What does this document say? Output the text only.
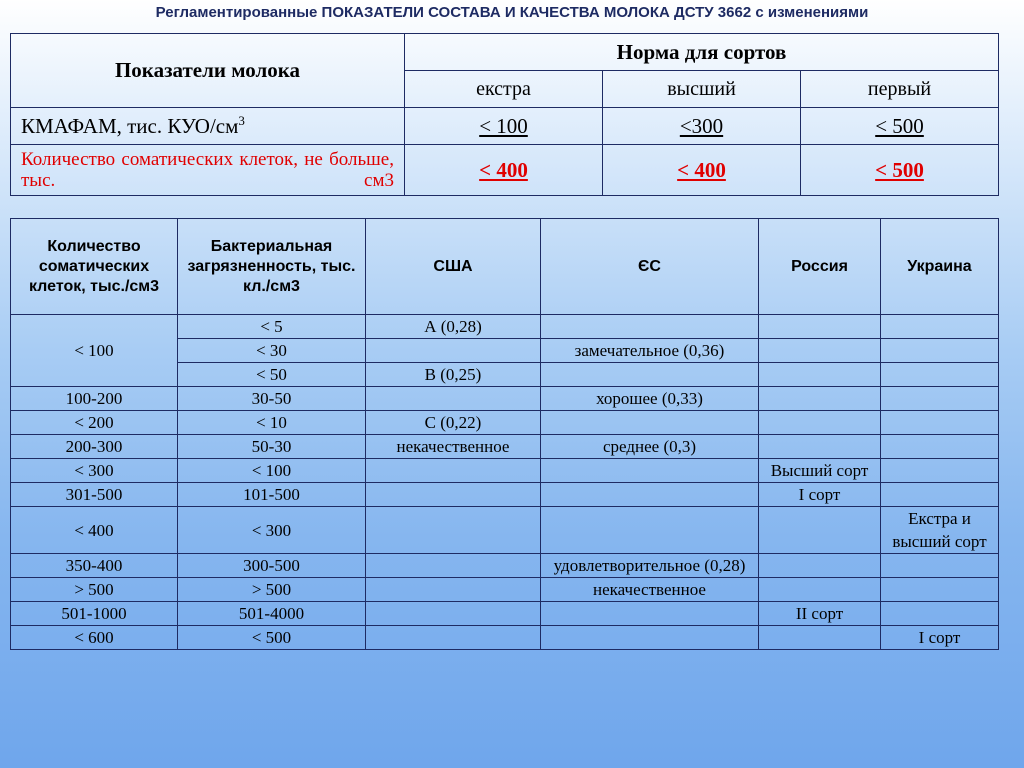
Регламентированные ПОКАЗАТЕЛИ СОСТАВА И КАЧЕСТВА МОЛОКА ДСТУ 3662 с изменениями
Показатели молока	Норма для сортов		
	екстра	высший	первый
КМАФАМ, тис. КУО/$см^3$	< 100	<300	< 500
Количество соматических клеток, не больше, тыс. см3	< 400	< 400	< 500
Количество соматических клеток, тыс./см3	Бактериальная загрязненность, тыс. кл./см3	США	ЄС	Россия	Украина
< 100	< 5	А (0,28)			
	< 30		замечательное (0,36)		
	< 50	В (0,25)			
100-200	30-50		хорошее (0,33)		
< 200	< 10	С (0,22)			
200-300	50-30	некачественное	среднее (0,3)		
< 300	< 100			Высший сорт	
301-500	101-500			I сорт	
< 400	< 300				Екстра и высший сорт
350-400	300-500		удовлетворительное (0,28)		
> 500	> 500		некачественное		
501-1000	501-4000			II сорт	
< 600	< 500				I сорт
